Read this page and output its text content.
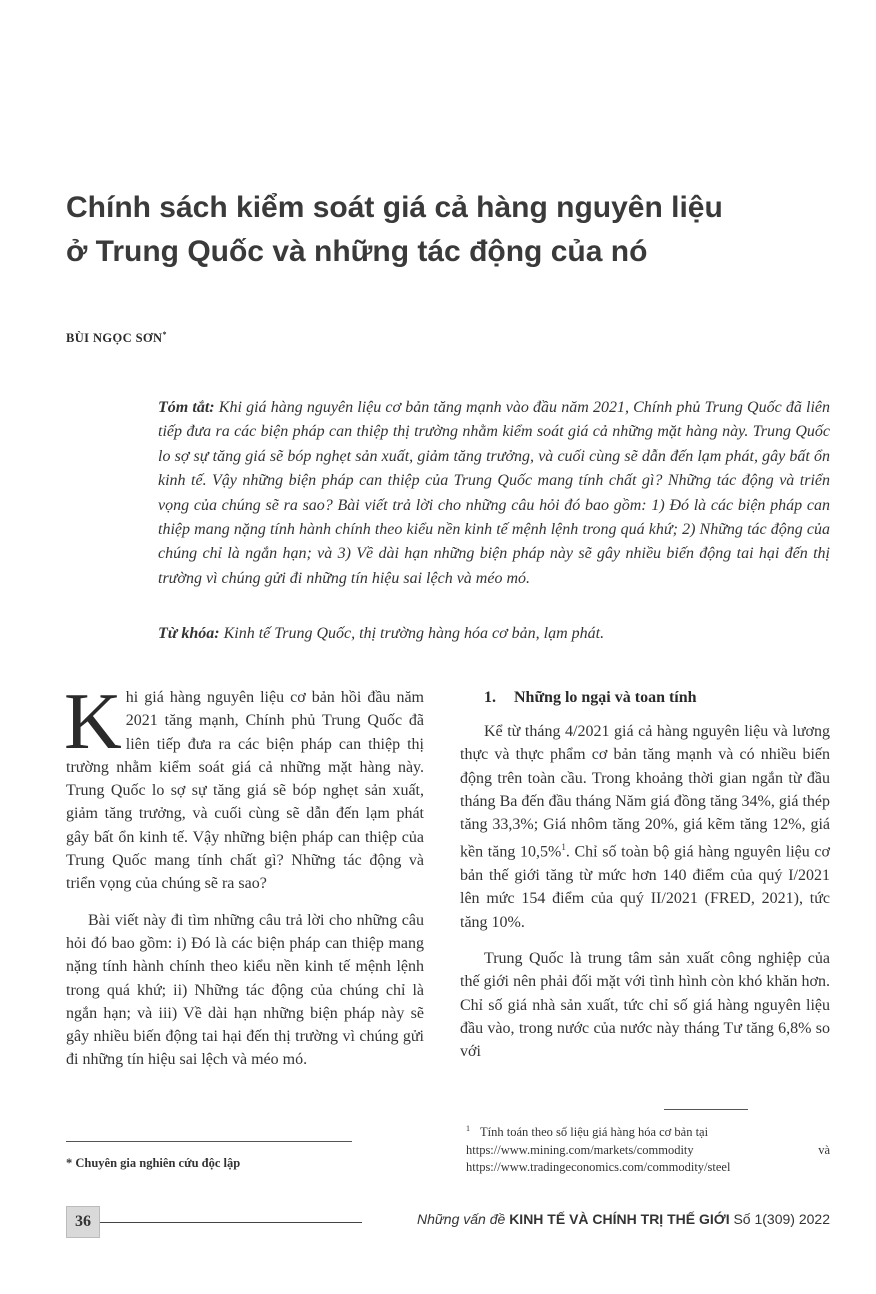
Chính sách kiểm soát giá cả hàng nguyên liệu
ở Trung Quốc và những tác động của nó
BÙI NGỌC SƠN*
Tóm tắt: Khi giá hàng nguyên liệu cơ bản tăng mạnh vào đầu năm 2021, Chính phủ Trung Quốc đã liên tiếp đưa ra các biện pháp can thiệp thị trường nhằm kiểm soát giá cả những mặt hàng này. Trung Quốc lo sợ sự tăng giá sẽ bóp nghẹt sản xuất, giảm tăng trưởng, và cuối cùng sẽ dẫn đến lạm phát, gây bất ổn kinh tế. Vậy những biện pháp can thiệp của Trung Quốc mang tính chất gì? Những tác động và triển vọng của chúng sẽ ra sao? Bài viết trả lời cho những câu hỏi đó bao gồm: 1) Đó là các biện pháp can thiệp mang nặng tính hành chính theo kiểu nền kinh tế mệnh lệnh trong quá khứ; 2) Những tác động của chúng chỉ là ngắn hạn; và 3) Về dài hạn những biện pháp này sẽ gây nhiều biến động tai hại đến thị trường vì chúng gửi đi những tín hiệu sai lệch và méo mó.
Từ khóa: Kinh tế Trung Quốc, thị trường hàng hóa cơ bản, lạm phát.

Khi giá hàng nguyên liệu cơ bản hồi đầu năm 2021 tăng mạnh, Chính phủ Trung Quốc đã liên tiếp đưa ra các biện pháp can thiệp thị trường nhằm kiểm soát giá cả những mặt hàng này. Trung Quốc lo sợ sự tăng giá sẽ bóp nghẹt sản xuất, giảm tăng trưởng, và cuối cùng sẽ dẫn đến lạm phát gây bất ổn kinh tế. Vậy những biện pháp can thiệp của Trung Quốc mang tính chất gì? Những tác động và triển vọng của chúng sẽ ra sao?

Bài viết này đi tìm những câu trả lời cho những câu hỏi đó bao gồm: i) Đó là các biện pháp can thiệp mang nặng tính hành chính theo kiểu nền kinh tế mệnh lệnh trong quá khứ; ii) Những tác động của chúng chỉ là ngắn hạn; và iii) Về dài hạn những biện pháp này sẽ gây nhiều biến động tai hại đến thị trường vì chúng gửi đi những tín hiệu sai lệch và méo mó.

* Chuyên gia nghiên cứu độc lập
1. Những lo ngại và toan tính

Kể từ tháng 4/2021 giá cả hàng nguyên liệu và lương thực và thực phẩm cơ bản tăng mạnh và có nhiều biến động trên toàn cầu. Trong khoảng thời gian ngắn từ đầu tháng Ba đến đầu tháng Năm giá đồng tăng 34%, giá thép tăng 33,3%; Giá nhôm tăng 20%, giá kẽm tăng 12%, giá kền tăng 10,5%$^1$. Chỉ số toàn bộ giá hàng nguyên liệu cơ bản thế giới tăng từ mức hơn 140 điểm của quý I/2021 lên mức 154 điểm của quý II/2021 (FRED, 2021), tức tăng 10%.

Trung Quốc là trung tâm sản xuất công nghiệp của thế giới nên phải đối mặt với tình hình còn khó khăn hơn. Chỉ số giá nhà sản xuất, tức chỉ số giá hàng nguyên liệu đầu vào, trong nước của nước này tháng Tư tăng 6,8% so với

$^1$ Tính toán theo số liệu giá hàng hóa cơ bản tại
https://www.mining.com/markets/commodity	và
https://www.tradingeconomics.com/commodity/steel
36	Những vấn đề KINH TẾ VÀ CHÍNH TRỊ THẾ GIỚI Số 1(309) 2022
